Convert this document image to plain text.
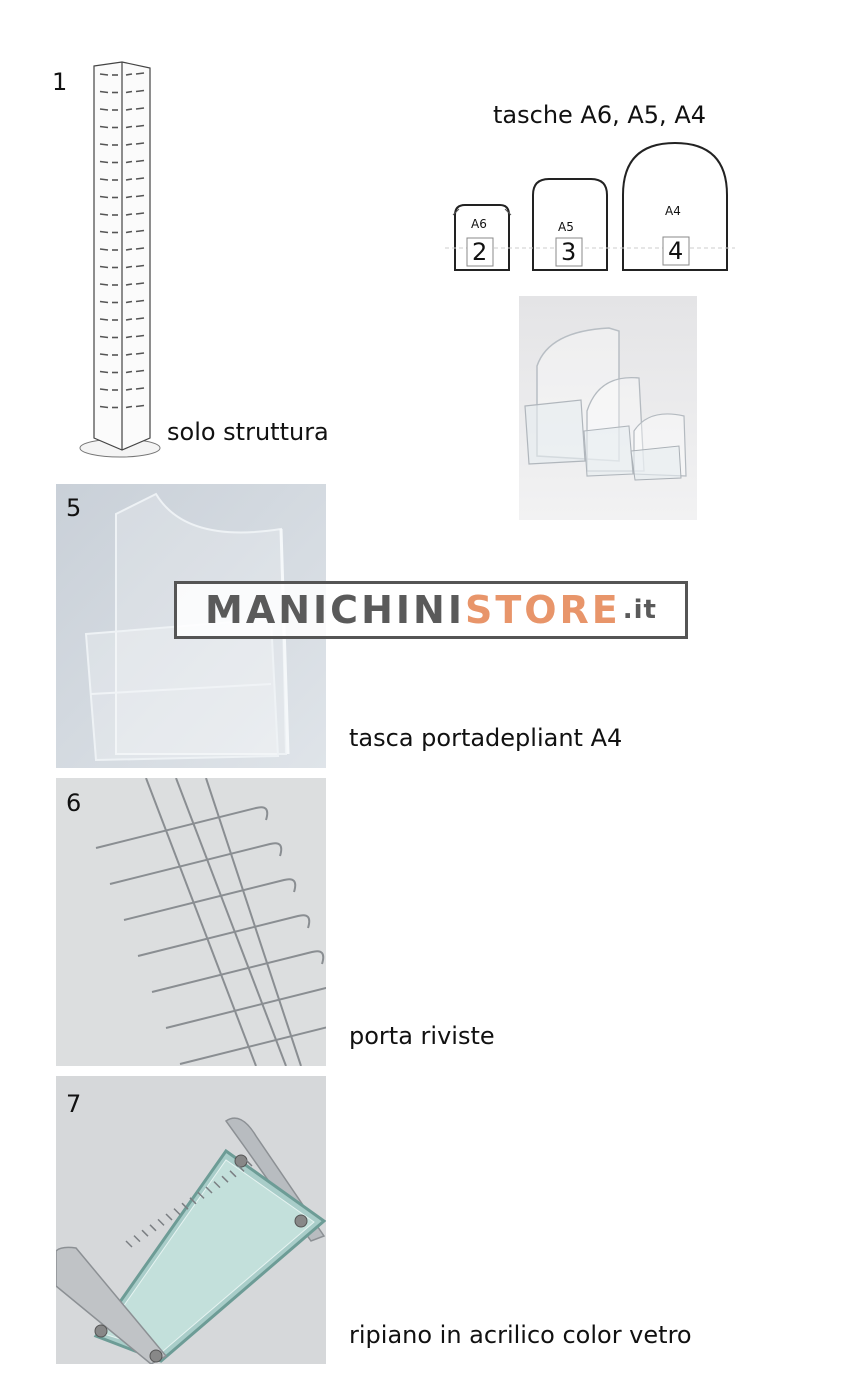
1
solo struttura
tasche A6, A5, A4
A6	A5
A4
2	3	4
5
tasca portadepliant A4
MANICHINI STORE .it
6
porta riviste
7
ripiano in acrilico color vetro
